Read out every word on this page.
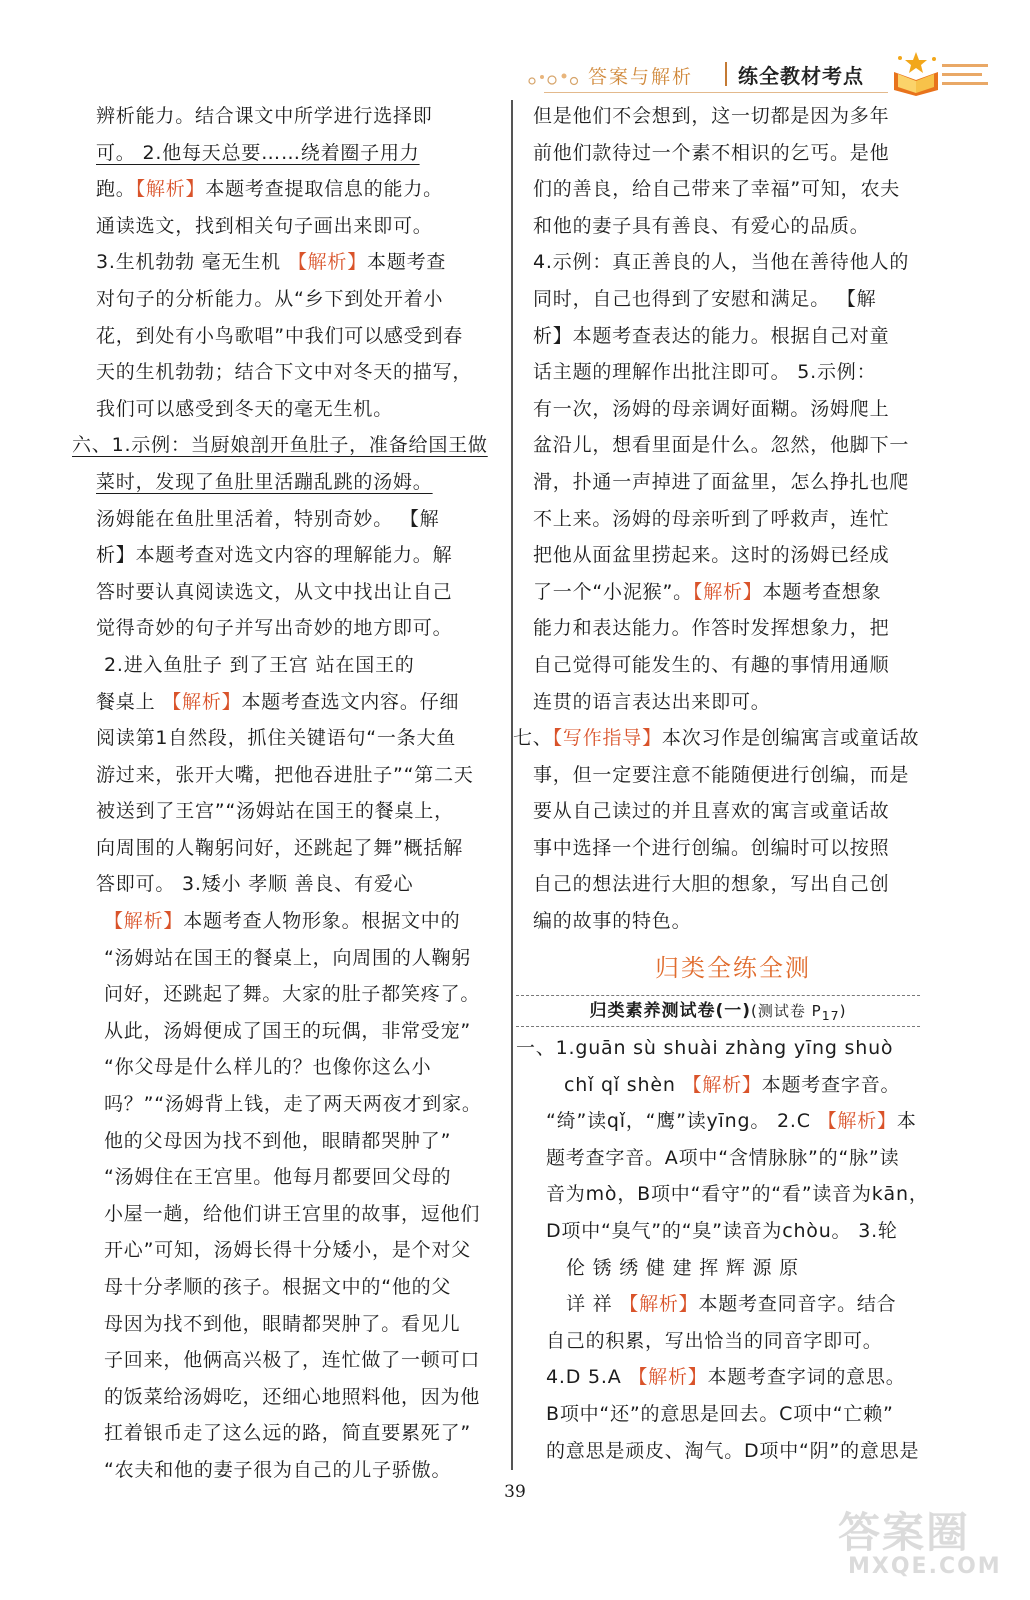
答案与解析 练全教材考点

辨析能力。结合课文中所学进行选择即

可。 2.他每天总要……绕着圈子用力

跑。【解析】本题考查提取信息的能力。

通读选文，找到相关句子画出来即可。

3.生机勃勃 毫无生机 【解析】本题考查

对句子的分析能力。从“乡下到处开着小

花，到处有小鸟歌唱”中我们可以感受到春

天的生机勃勃；结合下文中对冬天的描写，

我们可以感受到冬天的毫无生机。

六、1.示例：当厨娘剖开鱼肚子，准备给国王做

菜时，发现了鱼肚里活蹦乱跳的汤姆。

汤姆能在鱼肚里活着，特别奇妙。 【解

析】本题考查对选文内容的理解能力。解

答时要认真阅读选文，从文中找出让自己

觉得奇妙的句子并写出奇妙的地方即可。

2.进入鱼肚子 到了王宫 站在国王的

餐桌上 【解析】本题考查选文内容。仔细

阅读第1自然段，抓住关键语句“一条大鱼

游过来，张开大嘴，把他吞进肚子”“第二天

被送到了王宫”“汤姆站在国王的餐桌上，

向周围的人鞠躬问好，还跳起了舞”概括解

答即可。 3.矮小 孝顺 善良、有爱心

【解析】本题考查人物形象。根据文中的

“汤姆站在国王的餐桌上，向周围的人鞠躬

问好，还跳起了舞。大家的肚子都笑疼了。

从此，汤姆便成了国王的玩偶，非常受宠”

“你父母是什么样儿的？也像你这么小

吗？”“汤姆背上钱，走了两天两夜才到家。

他的父母因为找不到他，眼睛都哭肿了”

“汤姆住在王宫里。他每月都要回父母的

小屋一趟，给他们讲王宫里的故事，逗他们

开心”可知，汤姆长得十分矮小，是个对父

母十分孝顺的孩子。根据文中的“他的父

母因为找不到他，眼睛都哭肿了。看见儿

子回来，他俩高兴极了，连忙做了一顿可口

的饭菜给汤姆吃，还细心地照料他，因为他

扛着银币走了这么远的路，简直要累死了”

“农夫和他的妻子很为自己的儿子骄傲。

但是他们不会想到，这一切都是因为多年

前他们款待过一个素不相识的乞丐。是他

们的善良，给自己带来了幸福”可知，农夫

和他的妻子具有善良、有爱心的品质。

4.示例：真正善良的人，当他在善待他人的

同时，自己也得到了安慰和满足。 【解

析】本题考查表达的能力。根据自己对童

话主题的理解作出批注即可。 5.示例：

有一次，汤姆的母亲调好面糊。汤姆爬上

盆沿儿，想看里面是什么。忽然，他脚下一

滑，扑通一声掉进了面盆里，怎么挣扎也爬

不上来。汤姆的母亲听到了呼救声，连忙

把他从面盆里捞起来。这时的汤姆已经成

了一个“小泥猴”。【解析】本题考查想象

能力和表达能力。作答时发挥想象力，把

自己觉得可能发生的、有趣的事情用通顺

连贯的语言表达出来即可。

七、【写作指导】本次习作是创编寓言或童话故

事，但一定要注意不能随便进行创编，而是

要从自己读过的并且喜欢的寓言或童话故

事中选择一个进行创编。创编时可以按照

自己的想法进行大胆的想象，写出自己创

编的故事的特色。

归类全练全测
归类素养测试卷(一)(测试卷 $P_{17}$)

一、1.guān sù shuài zhàng yīng shuò

chǐ qǐ shèn 【解析】本题考查字音。

“绮”读qǐ，“鹰”读yīng。 2.C 【解析】本

题考查字音。A项中“含情脉脉”的“脉”读

音为mò，B项中“看守”的“看”读音为kān，

D项中“臭气”的“臭”读音为chòu。 3.轮

伦 锈 绣 健 建 挥 辉 源 原

详 祥 【解析】本题考查同音字。结合

自己的积累，写出恰当的同音字即可。

4.D 5.A 【解析】本题考查字词的意思。

B项中“还”的意思是回去。C项中“亡赖”

的意思是顽皮、淘气。D项中“阴”的意思是

39
答案圈
MXQE.COM
